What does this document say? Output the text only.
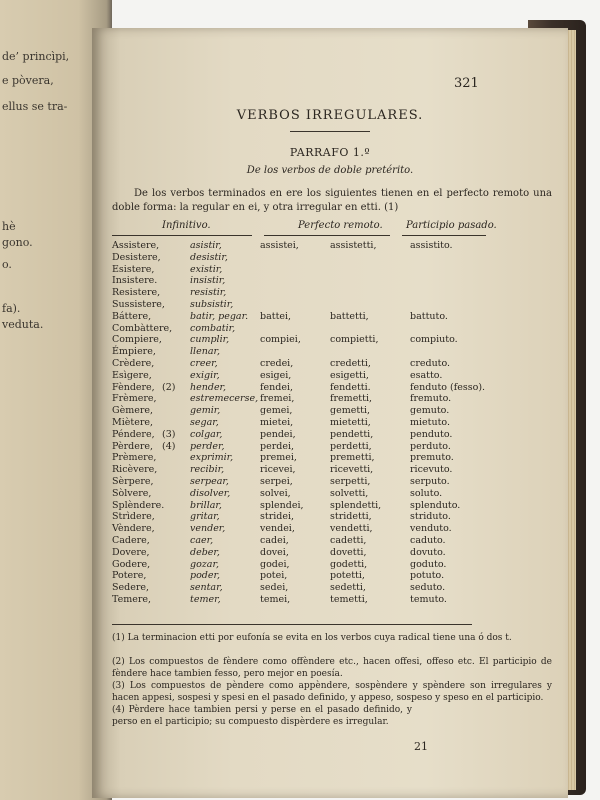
de’ princìpi,
e pòvera,
ellus se tra-
hè
gono.
o.
fa).
veduta.
321
VERBOS IRREGULARES.
PARRAFO 1.º
De los verbos de doble pretérito.
De los verbos terminados en ere los siguientes tienen en el perfecto remoto una doble forma: la regular en ei, y otra irregular en etti. (1)
Infinitivo.	Perfecto remoto. Participio pasado.
Assistere,	asistir,	assistei,	assistetti,	assistito.
Desistere,	desistir,
Esistere,	existir,
Insistere.	insistir,
Resistere,	resistir,
Sussistere,	subsistir,
Báttere,	batir, pegar. battei,	battetti,	battuto.
Combàttere, combatir,
Compiere,	cumplir,	compiei,	compietti,	compiuto.
Émpiere,	llenar,
Crèdere,	creer,	credei,	credetti,	creduto.
Esìgere,	exigir,	esigei,	esigetti,	esatto.
Fèndere, (2) hender,	fendei,	fendetti.	fenduto (fesso).
Frèmere,	estremecerse, fremei,	fremetti,	fremuto.
Gèmere,	gemir,	gemei,	gemetti,	gemuto.
Miètere,	segar,	mietei,	mietetti,	mietuto.
Péndere, (3) colgar,	pendei,	pendetti,	penduto.
Pèrdere, (4) perder,	perdei,	perdetti,	perduto.
Prèmere,	exprimir,	premei,	premetti,	premuto.
Ricèvere,	recibir,	ricevei,	ricevetti,	ricevuto.
Sèrpere,	serpear,	serpei,	serpetti,	serputo.
Sòlvere,	disolver,	solvei,	solvetti,	soluto.
Splèndere.	brillar,	splendei,	splendetti,	splenduto.
Strìdere,	gritar,	stridei,	stridetti,	striduto.
Vèndere,	vender,	vendei,	vendetti,	venduto.
Cadere,	caer,	cadei,	cadetti,	caduto.
Dovere,	deber,	dovei,	dovetti,	dovuto.
Godere,	gozar,	godei,	godetti,	goduto.
Potere,	poder,	potei,	potetti,	potuto.
Sedere,	sentar,	sedei,	sedetti,	seduto.
Temere,	temer,	temei,	temetti,	temuto.
(1) La terminacion etti por eufonía se evita en los verbos cuya radical tiene una ó dos t.
(2) Los compuestos de fèndere como offèndere etc., hacen offesi, offeso etc. El participio de fèndere hace tambien fesso, pero mejor en poesía.
(3) Los compuestos de pèndere como appèndere, sospèndere y spèndere son irregulares y hacen appesi, sospesi y spesi en el pasado definido, y appeso, sospeso y speso en el participio.
21
(4) Pèrdere hace tambien persi y perse en el pasado definido, y perso en el participio; su compuesto dispèrdere es irregular.
